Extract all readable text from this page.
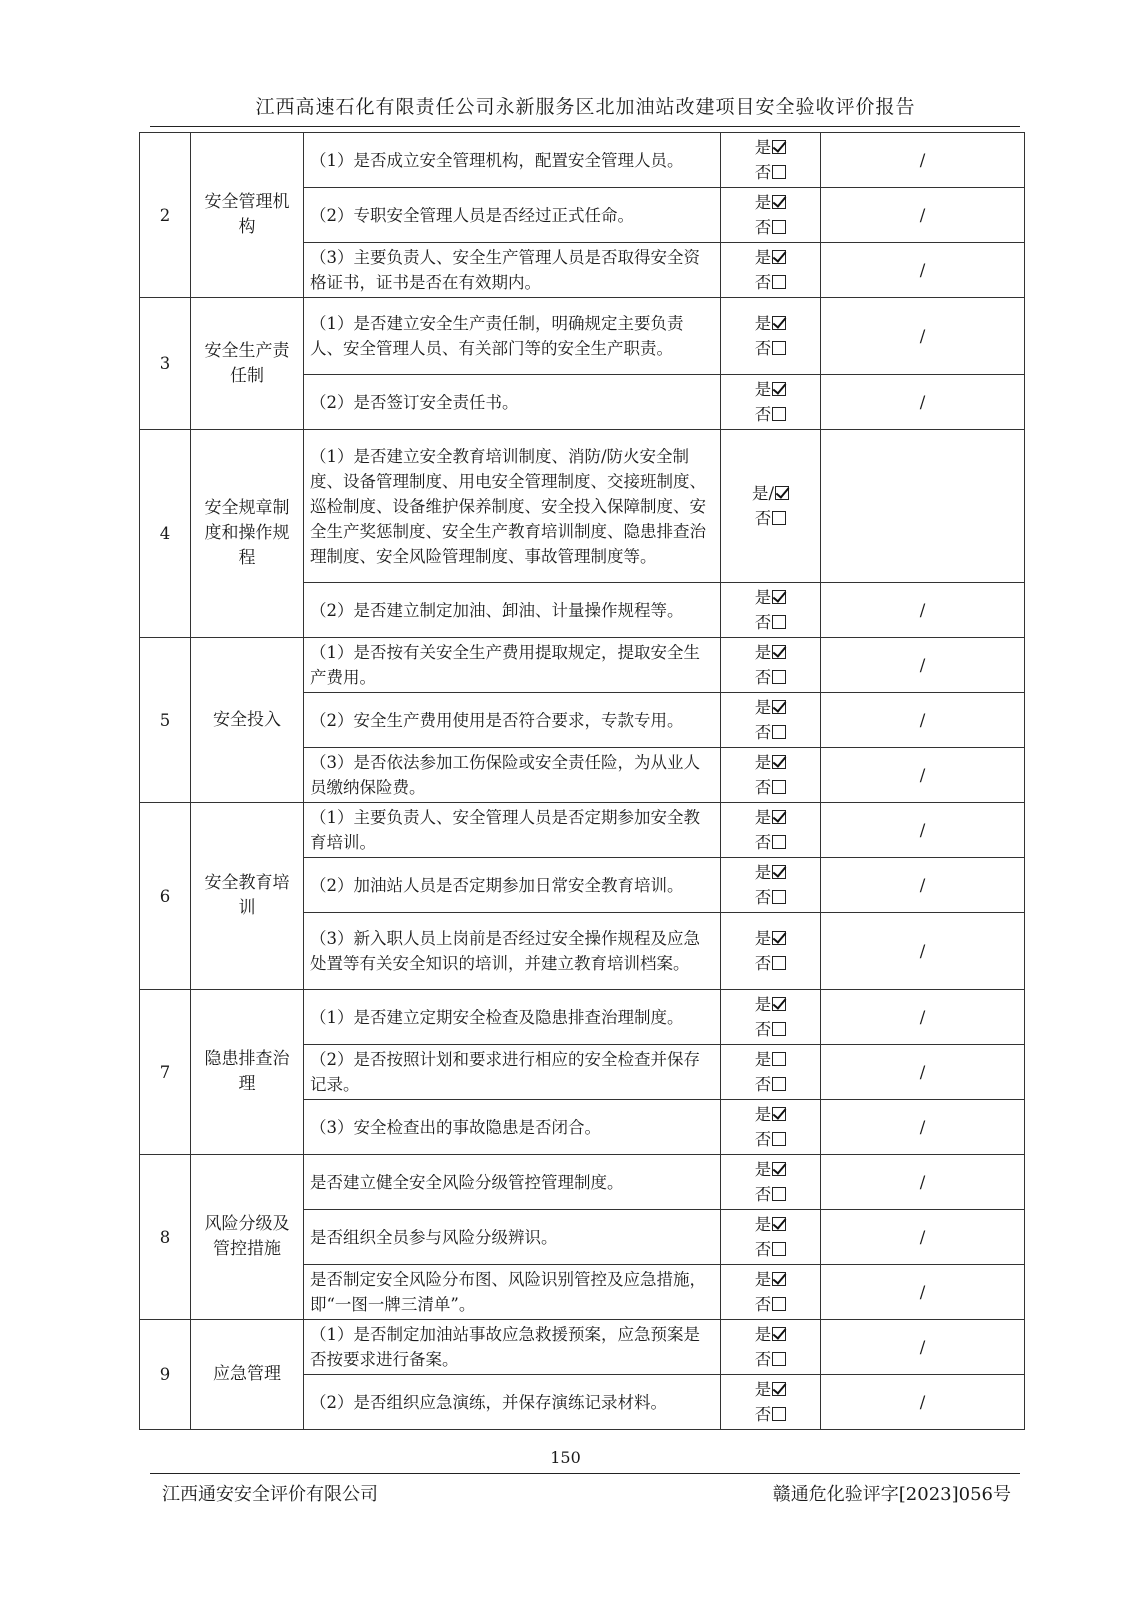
江西高速石化有限责任公司永新服务区北加油站改建项目安全验收评价报告
2	安全管理机构	（1）是否成立安全管理机构，配置安全管理人员。	是
否	/
		（2）专职安全管理人员是否经过正式任命。	是
否	/
		（3）主要负责人、安全生产管理人员是否取得安全资格证书，证书是否在有效期内。	是
否	/
3	安全生产责任制	（1）是否建立安全生产责任制，明确规定主要负责人、安全管理人员、有关部门等的安全生产职责。	是
否	/
		（2）是否签订安全责任书。	是
否	/
4	安全规章制度和操作规程	（1）是否建立安全教育培训制度、消防/防火安全制度、设备管理制度、用电安全管理制度、交接班制度、巡检制度、设备维护保养制度、安全投入保障制度、安全生产奖惩制度、安全生产教育培训制度、隐患排查治理制度、安全风险管理制度、事故管理制度等。	是/
否	

		（2）是否建立制定加油、卸油、计量操作规程等。	是
否	/
5	安全投入	（1）是否按有关安全生产费用提取规定，提取安全生产费用。	是
否	/
		（2）安全生产费用使用是否符合要求，专款专用。	是
否	/
		（3）是否依法参加工伤保险或安全责任险，为从业人员缴纳保险费。	是
否	/
6	安全教育培训	（1）主要负责人、安全管理人员是否定期参加安全教育培训。	是
否	/
		（2）加油站人员是否定期参加日常安全教育培训。	是
否	/
		（3）新入职人员上岗前是否经过安全操作规程及应急处置等有关安全知识的培训，并建立教育培训档案。	是
否	/
7	隐患排查治理	（1）是否建立定期安全检查及隐患排查治理制度。	是
否	/
		（2）是否按照计划和要求进行相应的安全检查并保存记录。	是
否	/
		（3）安全检查出的事故隐患是否闭合。	是
否	/
8	风险分级及管控措施	是否建立健全安全风险分级管控管理制度。	是
否	/
		是否组织全员参与风险分级辨识。	是
否	/
		是否制定安全风险分布图、风险识别管控及应急措施，即“一图一牌三清单”。	是
否	/
9	应急管理	（1）是否制定加油站事故应急救援预案，应急预案是否按要求进行备案。	是
否	/
		（2）是否组织应急演练，并保存演练记录材料。	是
否	/
150
江西通安安全评价有限公司	赣通危化验评字[2023]056号
